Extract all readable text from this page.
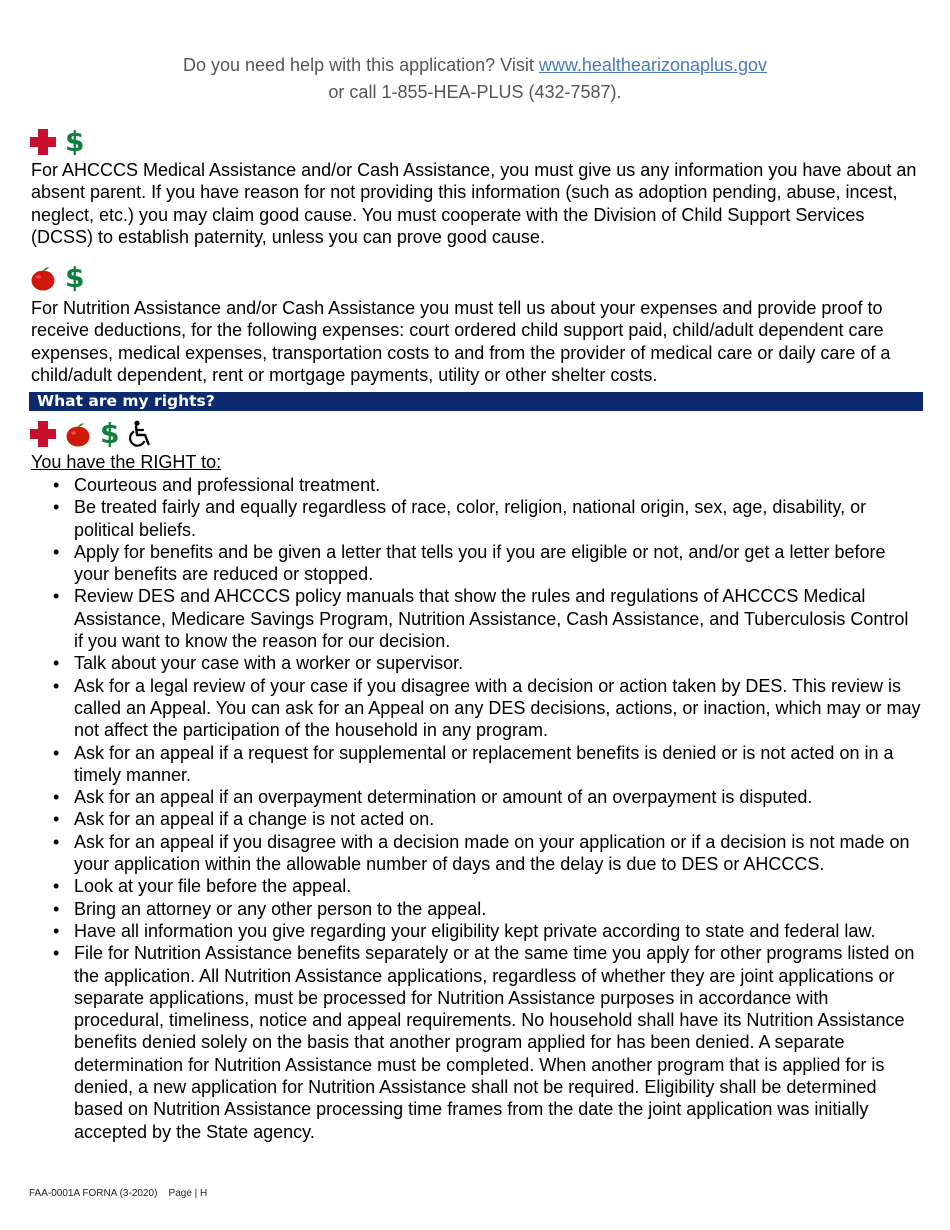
Do you need help with this application? Visit www.healthearizonaplus.gov
or call 1-855-HEA-PLUS (432-7587).
$

For AHCCCS Medical Assistance and/or Cash Assistance, you must give us any information you have about an absent parent. If you have reason for not providing this information (such as adoption pending, abuse, incest, neglect, etc.) you may claim good cause. You must cooperate with the Division of Child Support Services (DCSS) to establish paternity, unless you can prove good cause.

$

For Nutrition Assistance and/or Cash Assistance you must tell us about your expenses and provide proof to receive deductions, for the following expenses: court ordered child support paid, child/adult dependent care expenses, medical expenses, transportation costs to and from the provider of medical care or daily care of a child/adult dependent, rent or mortgage payments, utility or other shelter costs.

What are my rights?
$
You have the RIGHT to:
• Courteous and professional treatment.
• Be treated fairly and equally regardless of race, color, religion, national origin, sex, age, disability, or political beliefs.
• Apply for benefits and be given a letter that tells you if you are eligible or not, and/or get a letter before your benefits are reduced or stopped.
• Review DES and AHCCCS policy manuals that show the rules and regulations of AHCCCS Medical Assistance, Medicare Savings Program, Nutrition Assistance, Cash Assistance, and Tuberculosis Control if you want to know the reason for our decision.
• Talk about your case with a worker or supervisor.
• Ask for a legal review of your case if you disagree with a decision or action taken by DES. This review is called an Appeal. You can ask for an Appeal on any DES decisions, actions, or inaction, which may or may not affect the participation of the household in any program.
• Ask for an appeal if a request for supplemental or replacement benefits is denied or is not acted on in a timely manner.
• Ask for an appeal if an overpayment determination or amount of an overpayment is disputed.
• Ask for an appeal if a change is not acted on.
• Ask for an appeal if you disagree with a decision made on your application or if a decision is not made on your application within the allowable number of days and the delay is due to DES or AHCCCS.
• Look at your file before the appeal.
• Bring an attorney or any other person to the appeal.
• Have all information you give regarding your eligibility kept private according to state and federal law.
• File for Nutrition Assistance benefits separately or at the same time you apply for other programs listed on the application. All Nutrition Assistance applications, regardless of whether they are joint applications or separate applications, must be processed for Nutrition Assistance purposes in accordance with procedural, timeliness, notice and appeal requirements. No household shall have its Nutrition Assistance benefits denied solely on the basis that another program applied for has been denied. A separate determination for Nutrition Assistance must be completed. When another program that is applied for is denied, a new application for Nutrition Assistance shall not be required. Eligibility shall be determined based on Nutrition Assistance processing time frames from the date the joint application was initially accepted by the State agency.
FAA-0001A FORNA (3-2020) Page | H
